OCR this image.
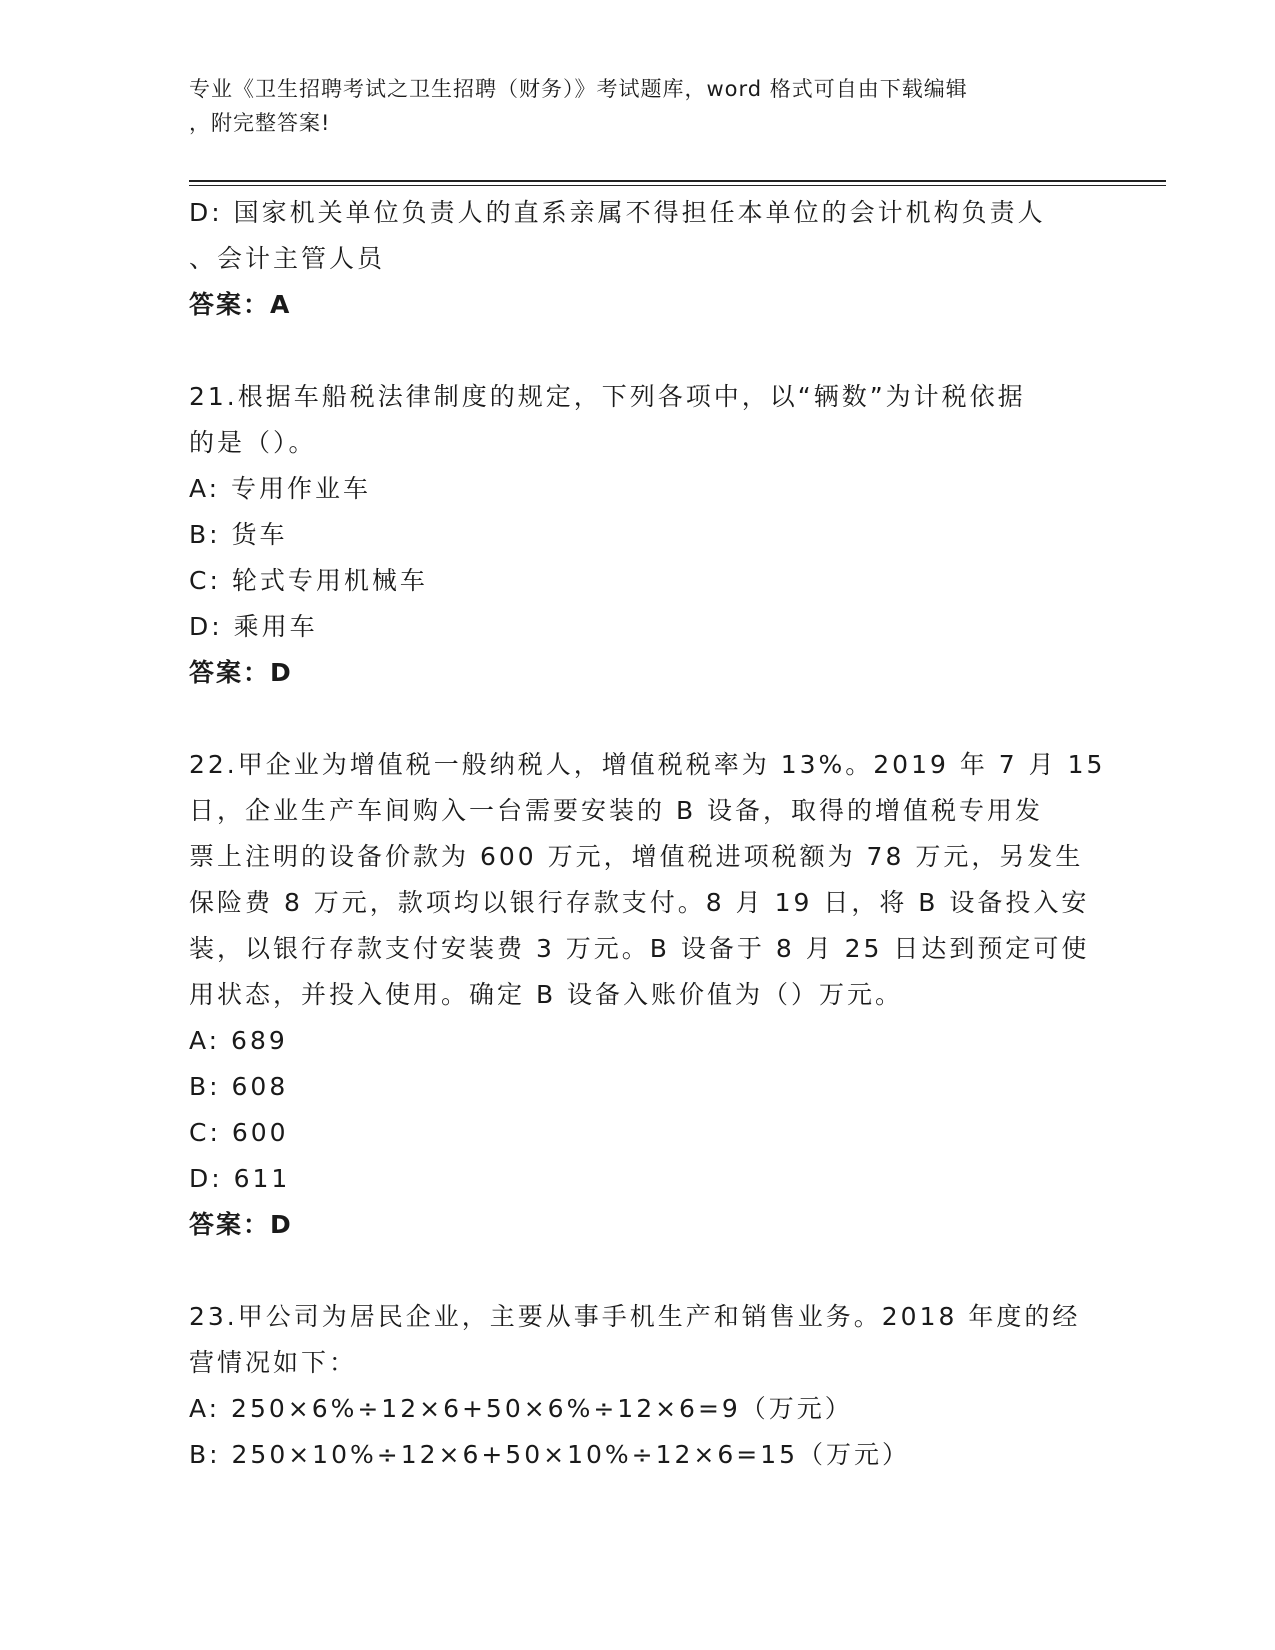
专业《卫生招聘考试之卫生招聘（财务）》考试题库，word 格式可自由下载编辑
，附完整答案!
D: 国家机关单位负责人的直系亲属不得担任本单位的会计机构负责人
、会计主管人员
答案：A
21.根据车船税法律制度的规定，下列各项中，以“辆数”为计税依据
的是（）。
A: 专用作业车
B: 货车
C: 轮式专用机械车
D: 乘用车
答案：D
22.甲企业为增值税一般纳税人，增值税税率为 13%。2019 年 7 月 15
日，企业生产车间购入一台需要安装的 B 设备，取得的增值税专用发
票上注明的设备价款为 600 万元，增值税进项税额为 78 万元，另发生
保险费 8 万元，款项均以银行存款支付。8 月 19 日，将 B 设备投入安
装，以银行存款支付安装费 3 万元。B 设备于 8 月 25 日达到预定可使
用状态，并投入使用。确定 B 设备入账价值为（）万元。
A: 689
B: 608
C: 600
D: 611
答案：D
23.甲公司为居民企业，主要从事手机生产和销售业务。2018 年度的经
营情况如下：
A: 250×6%÷12×6+50×6%÷12×6=9（万元）
B: 250×10%÷12×6+50×10%÷12×6=15（万元）
